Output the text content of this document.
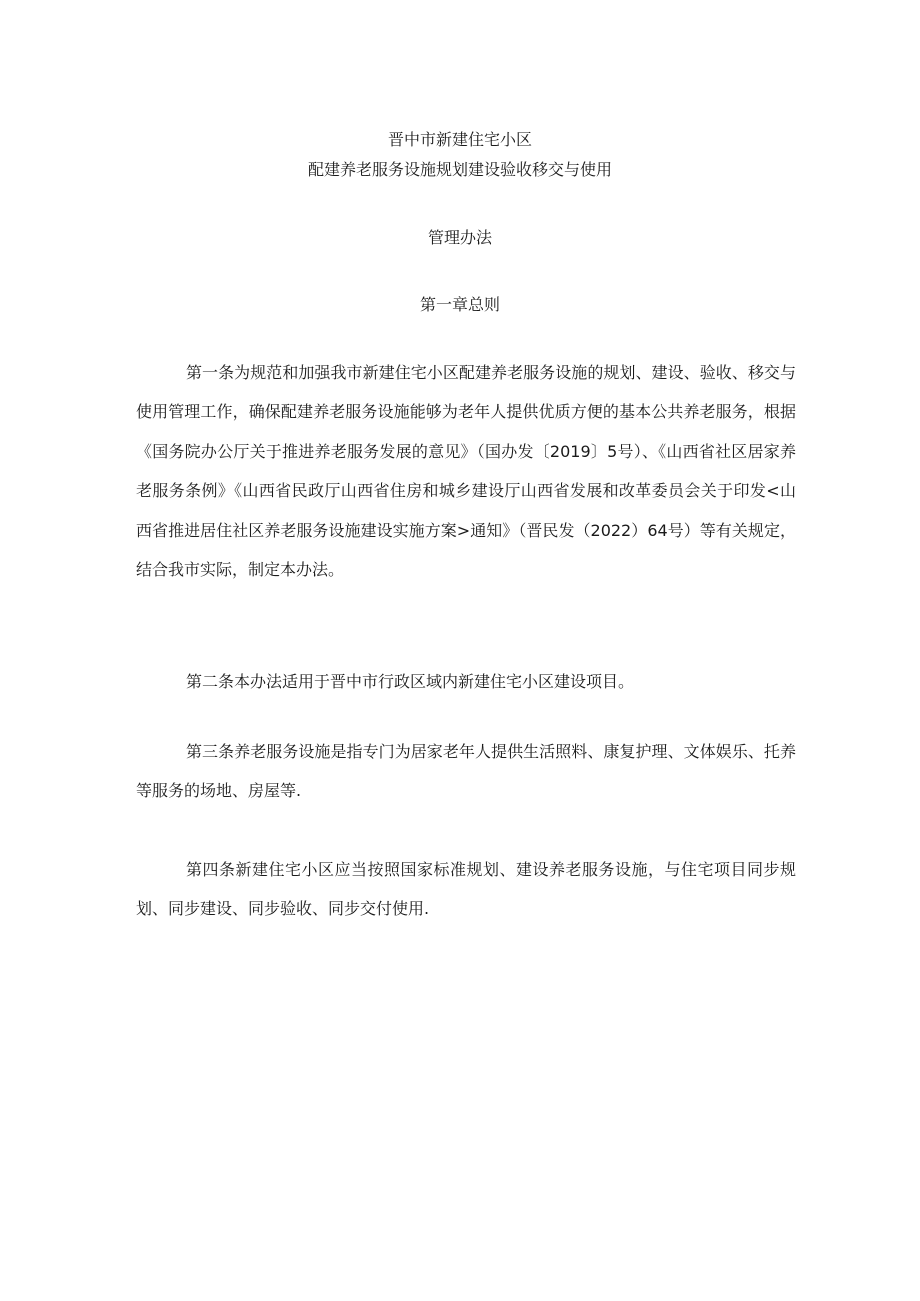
晋中市新建住宅小区
配建养老服务设施规划建设验收移交与使用
管理办法
第一章总则

第一条为规范和加强我市新建住宅小区配建养老服务设施的规划、建设、验收、移交与使用管理工作，确保配建养老服务设施能够为老年人提供优质方便的基本公共养老服务，根据《国务院办公厅关于推进养老服务发展的意见》（国办发〔2019〕5号）、《山西省社区居家养老服务条例》《山西省民政厅山西省住房和城乡建设厅山西省发展和改革委员会关于印发<山西省推进居住社区养老服务设施建设实施方案>通知》（晋民发（2022）64号）等有关规定，结合我市实际，制定本办法。

第二条本办法适用于晋中市行政区域内新建住宅小区建设项目。

第三条养老服务设施是指专门为居家老年人提供生活照料、康复护理、文体娱乐、托养等服务的场地、房屋等.

第四条新建住宅小区应当按照国家标准规划、建设养老服务设施，与住宅项目同步规划、同步建设、同步验收、同步交付使用.
